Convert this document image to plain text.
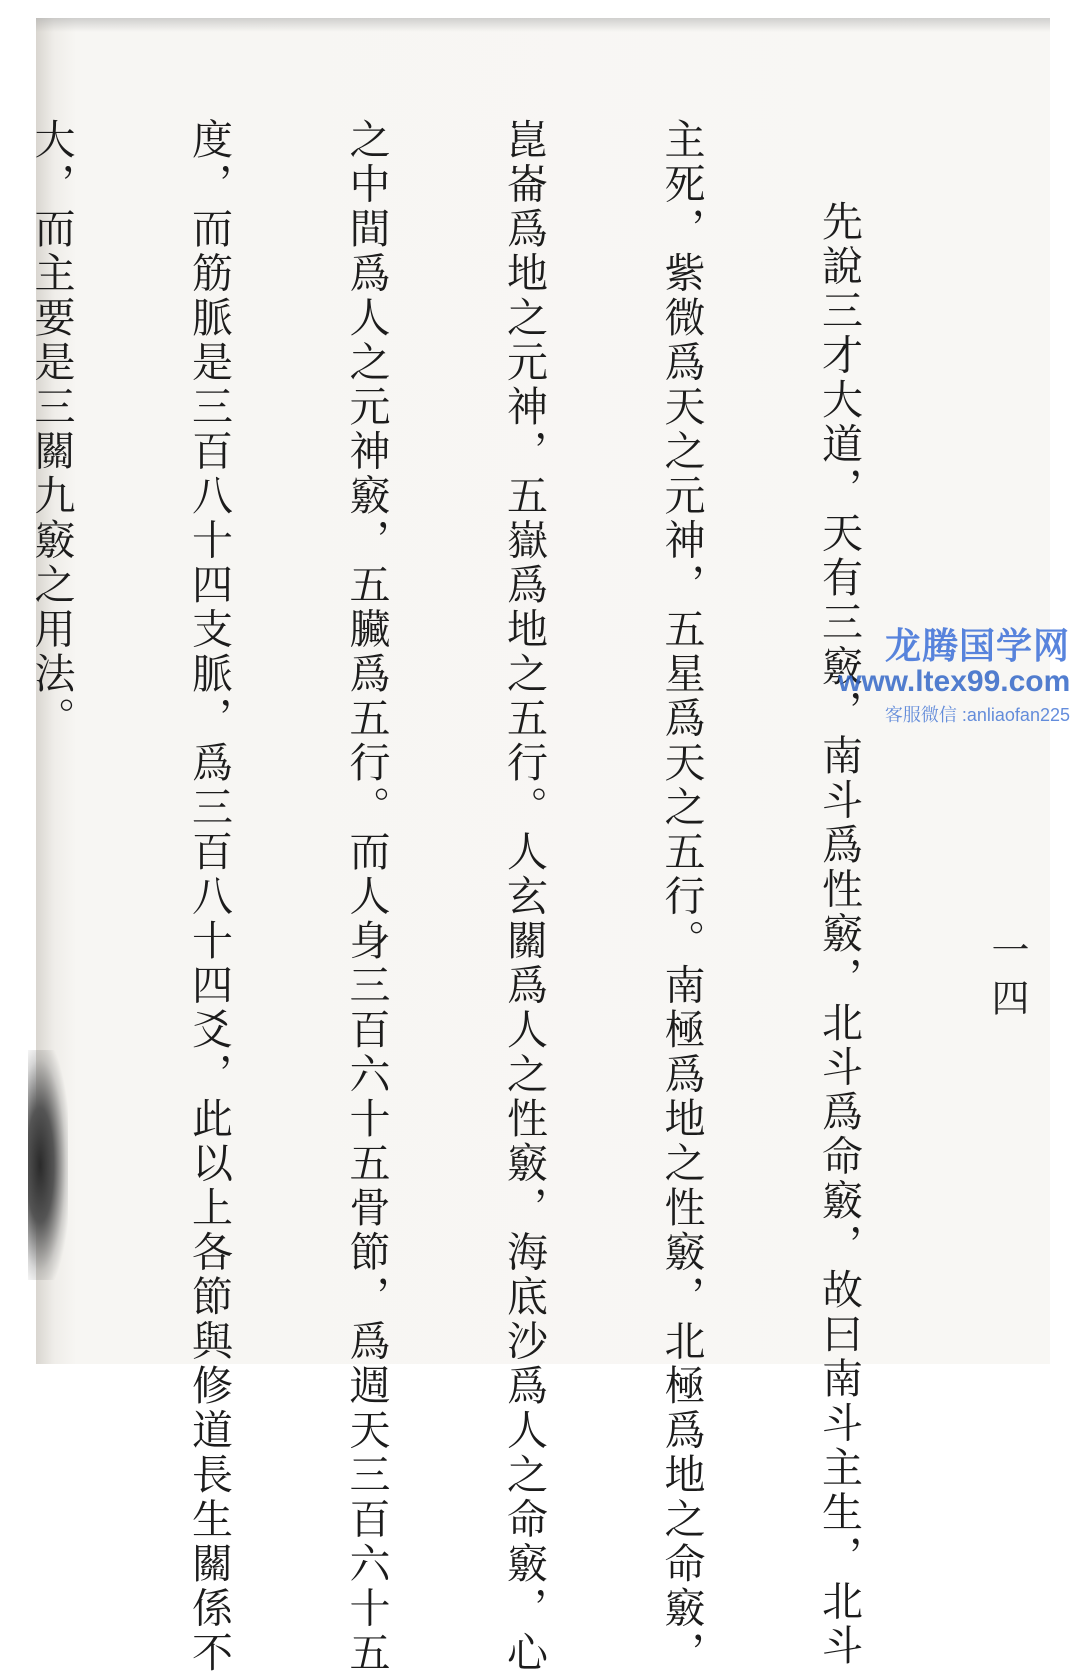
一四

先說三才大道，天有三竅，南斗爲性竅，北斗爲命竅，故曰南斗主生，北斗

主死，紫微爲天之元神，五星爲天之五行。南極爲地之性竅，北極爲地之命竅，

崑崙爲地之元神，五嶽爲地之五行。人玄關爲人之性竅，海底沙爲人之命竅，心

之中間爲人之元神竅，五臟爲五行。而人身三百六十五骨節，爲週天三百六十五

度，而筋脈是三百八十四支脈，爲三百八十四爻，此以上各節與修道長生關係不

大，而主要是三關九竅之用法。

	龙腾国学网
www.ltex99.com
客服微信 :anliaofan225
